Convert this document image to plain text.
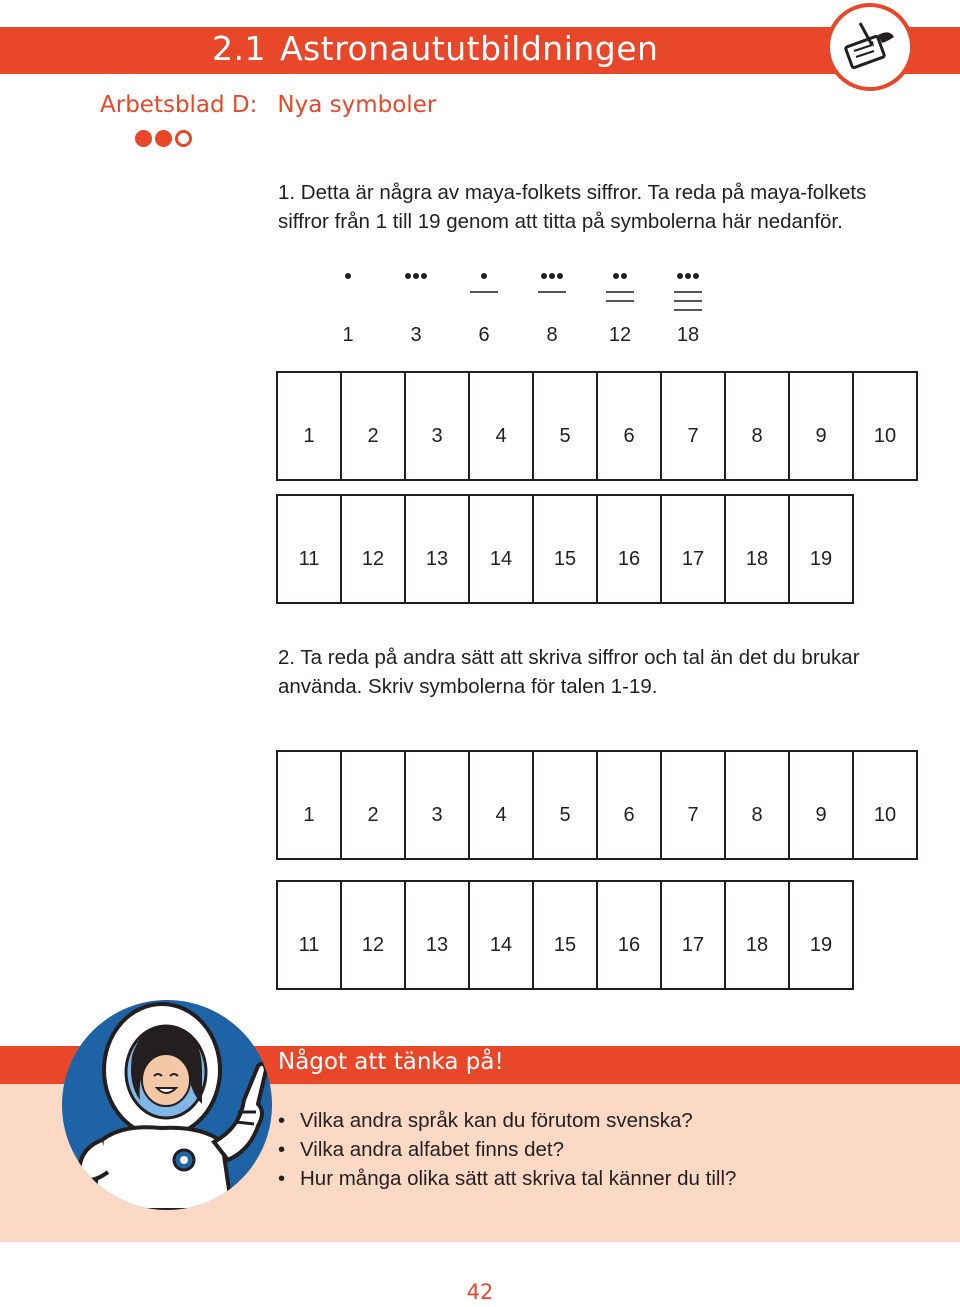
2.1 Astronaututbildningen
Arbetsblad D: Nya symboler

1. Detta är några av maya-folkets siffror. Ta reda på maya-folkets siffror från 1 till 19 genom att titta på symbolerna här nedanför.

1	3	6	8	12	18
1	2	3	4	5	6	7	8	9	10
11	12	13	14	15	16	17	18	19

2. Ta reda på andra sätt att skriva siffror och tal än det du brukar använda. Skriv symbolerna för talen 1-19.

1	2	3	4	5	6	7	8	9	10
11	12	13	14	15	16	17	18	19
Något att tänka på!
• Vilka andra språk kan du förutom svenska?
• Vilka andra alfabet finns det?
• Hur många olika sätt att skriva tal känner du till?
42
